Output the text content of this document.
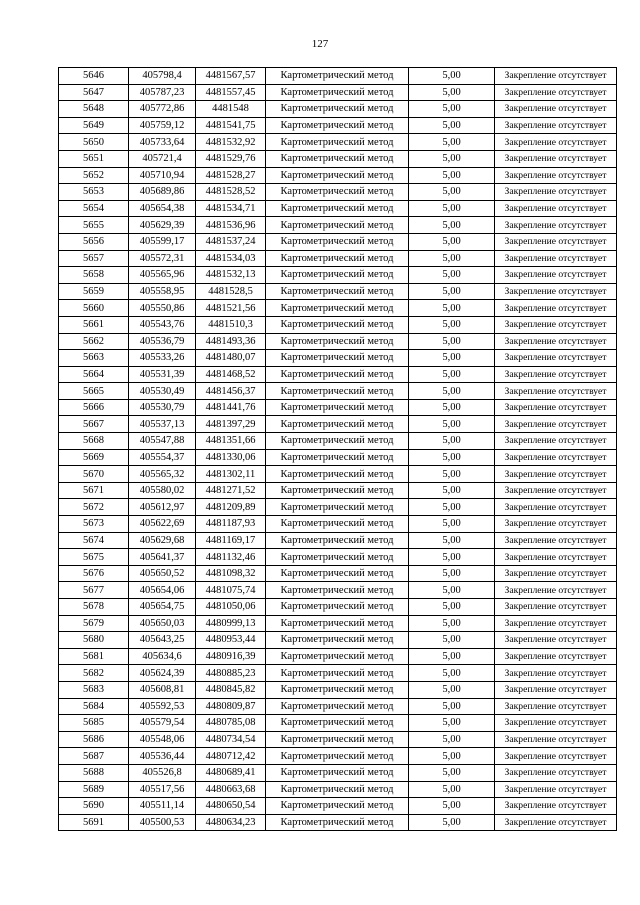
127
5646	405798,4	4481567,57	Картометрический метод	5,00	Закрепление отсутствует
5647	405787,23	4481557,45	Картометрический метод	5,00	Закрепление отсутствует
5648	405772,86	4481548	Картометрический метод	5,00	Закрепление отсутствует
5649	405759,12	4481541,75	Картометрический метод	5,00	Закрепление отсутствует
5650	405733,64	4481532,92	Картометрический метод	5,00	Закрепление отсутствует
5651	405721,4	4481529,76	Картометрический метод	5,00	Закрепление отсутствует
5652	405710,94	4481528,27	Картометрический метод	5,00	Закрепление отсутствует
5653	405689,86	4481528,52	Картометрический метод	5,00	Закрепление отсутствует
5654	405654,38	4481534,71	Картометрический метод	5,00	Закрепление отсутствует
5655	405629,39	4481536,96	Картометрический метод	5,00	Закрепление отсутствует
5656	405599,17	4481537,24	Картометрический метод	5,00	Закрепление отсутствует
5657	405572,31	4481534,03	Картометрический метод	5,00	Закрепление отсутствует
5658	405565,96	4481532,13	Картометрический метод	5,00	Закрепление отсутствует
5659	405558,95	4481528,5	Картометрический метод	5,00	Закрепление отсутствует
5660	405550,86	4481521,56	Картометрический метод	5,00	Закрепление отсутствует
5661	405543,76	4481510,3	Картометрический метод	5,00	Закрепление отсутствует
5662	405536,79	4481493,36	Картометрический метод	5,00	Закрепление отсутствует
5663	405533,26	4481480,07	Картометрический метод	5,00	Закрепление отсутствует
5664	405531,39	4481468,52	Картометрический метод	5,00	Закрепление отсутствует
5665	405530,49	4481456,37	Картометрический метод	5,00	Закрепление отсутствует
5666	405530,79	4481441,76	Картометрический метод	5,00	Закрепление отсутствует
5667	405537,13	4481397,29	Картометрический метод	5,00	Закрепление отсутствует
5668	405547,88	4481351,66	Картометрический метод	5,00	Закрепление отсутствует
5669	405554,37	4481330,06	Картометрический метод	5,00	Закрепление отсутствует
5670	405565,32	4481302,11	Картометрический метод	5,00	Закрепление отсутствует
5671	405580,02	4481271,52	Картометрический метод	5,00	Закрепление отсутствует
5672	405612,97	4481209,89	Картометрический метод	5,00	Закрепление отсутствует
5673	405622,69	4481187,93	Картометрический метод	5,00	Закрепление отсутствует
5674	405629,68	4481169,17	Картометрический метод	5,00	Закрепление отсутствует
5675	405641,37	4481132,46	Картометрический метод	5,00	Закрепление отсутствует
5676	405650,52	4481098,32	Картометрический метод	5,00	Закрепление отсутствует
5677	405654,06	4481075,74	Картометрический метод	5,00	Закрепление отсутствует
5678	405654,75	4481050,06	Картометрический метод	5,00	Закрепление отсутствует
5679	405650,03	4480999,13	Картометрический метод	5,00	Закрепление отсутствует
5680	405643,25	4480953,44	Картометрический метод	5,00	Закрепление отсутствует
5681	405634,6	4480916,39	Картометрический метод	5,00	Закрепление отсутствует
5682	405624,39	4480885,23	Картометрический метод	5,00	Закрепление отсутствует
5683	405608,81	4480845,82	Картометрический метод	5,00	Закрепление отсутствует
5684	405592,53	4480809,87	Картометрический метод	5,00	Закрепление отсутствует
5685	405579,54	4480785,08	Картометрический метод	5,00	Закрепление отсутствует
5686	405548,06	4480734,54	Картометрический метод	5,00	Закрепление отсутствует
5687	405536,44	4480712,42	Картометрический метод	5,00	Закрепление отсутствует
5688	405526,8	4480689,41	Картометрический метод	5,00	Закрепление отсутствует
5689	405517,56	4480663,68	Картометрический метод	5,00	Закрепление отсутствует
5690	405511,14	4480650,54	Картометрический метод	5,00	Закрепление отсутствует
5691	405500,53	4480634,23	Картометрический метод	5,00	Закрепление отсутствует
